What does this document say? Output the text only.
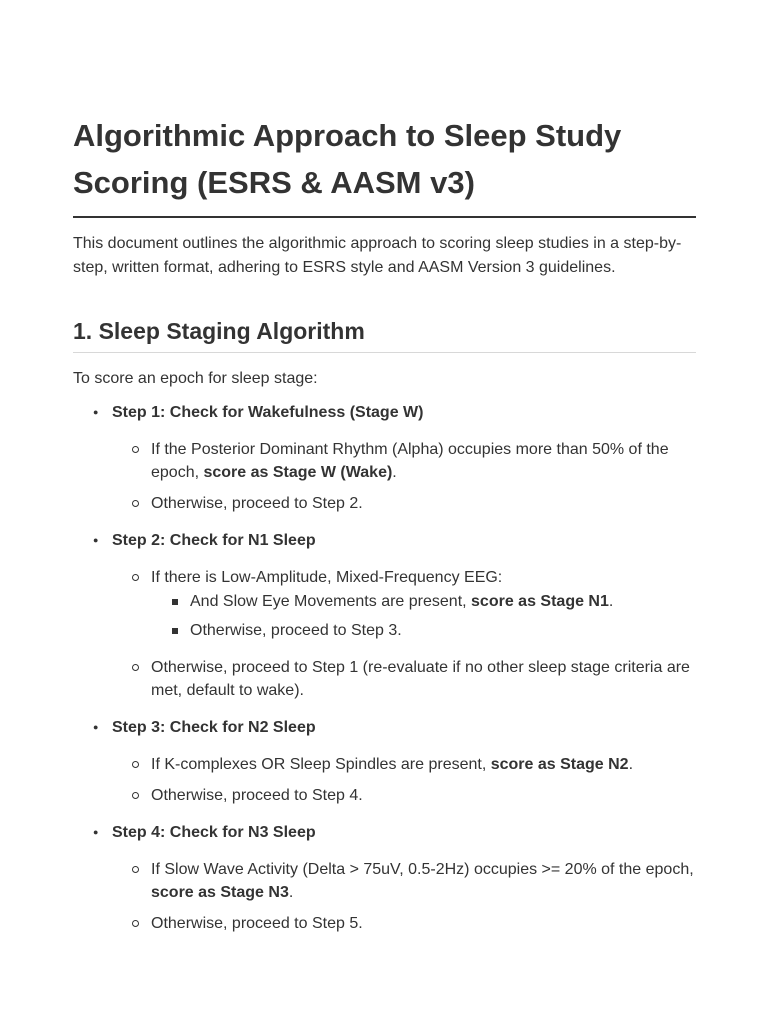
Algorithmic Approach to Sleep Study Scoring (ESRS & AASM v3)

This document outlines the algorithmic approach to scoring sleep studies in a step-by-step, written format, adhering to ESRS style and AASM Version 3 guidelines.

1. Sleep Staging Algorithm

To score an epoch for sleep stage:

● Step 1: Check for Wakefulness (Stage W)
If the Posterior Dominant Rhythm (Alpha) occupies more than 50% of the epoch, score as Stage W (Wake).
Otherwise, proceed to Step 2.
● Step 2: Check for N1 Sleep
If there is Low-Amplitude, Mixed-Frequency EEG:
And Slow Eye Movements are present, score as Stage N1.
Otherwise, proceed to Step 3.
Otherwise, proceed to Step 1 (re-evaluate if no other sleep stage criteria are met, default to wake).
● Step 3: Check for N2 Sleep
If K-complexes OR Sleep Spindles are present, score as Stage N2.
Otherwise, proceed to Step 4.
● Step 4: Check for N3 Sleep
If Slow Wave Activity (Delta > 75uV, 0.5-2Hz) occupies >= 20% of the epoch, score as Stage N3.
Otherwise, proceed to Step 5.
